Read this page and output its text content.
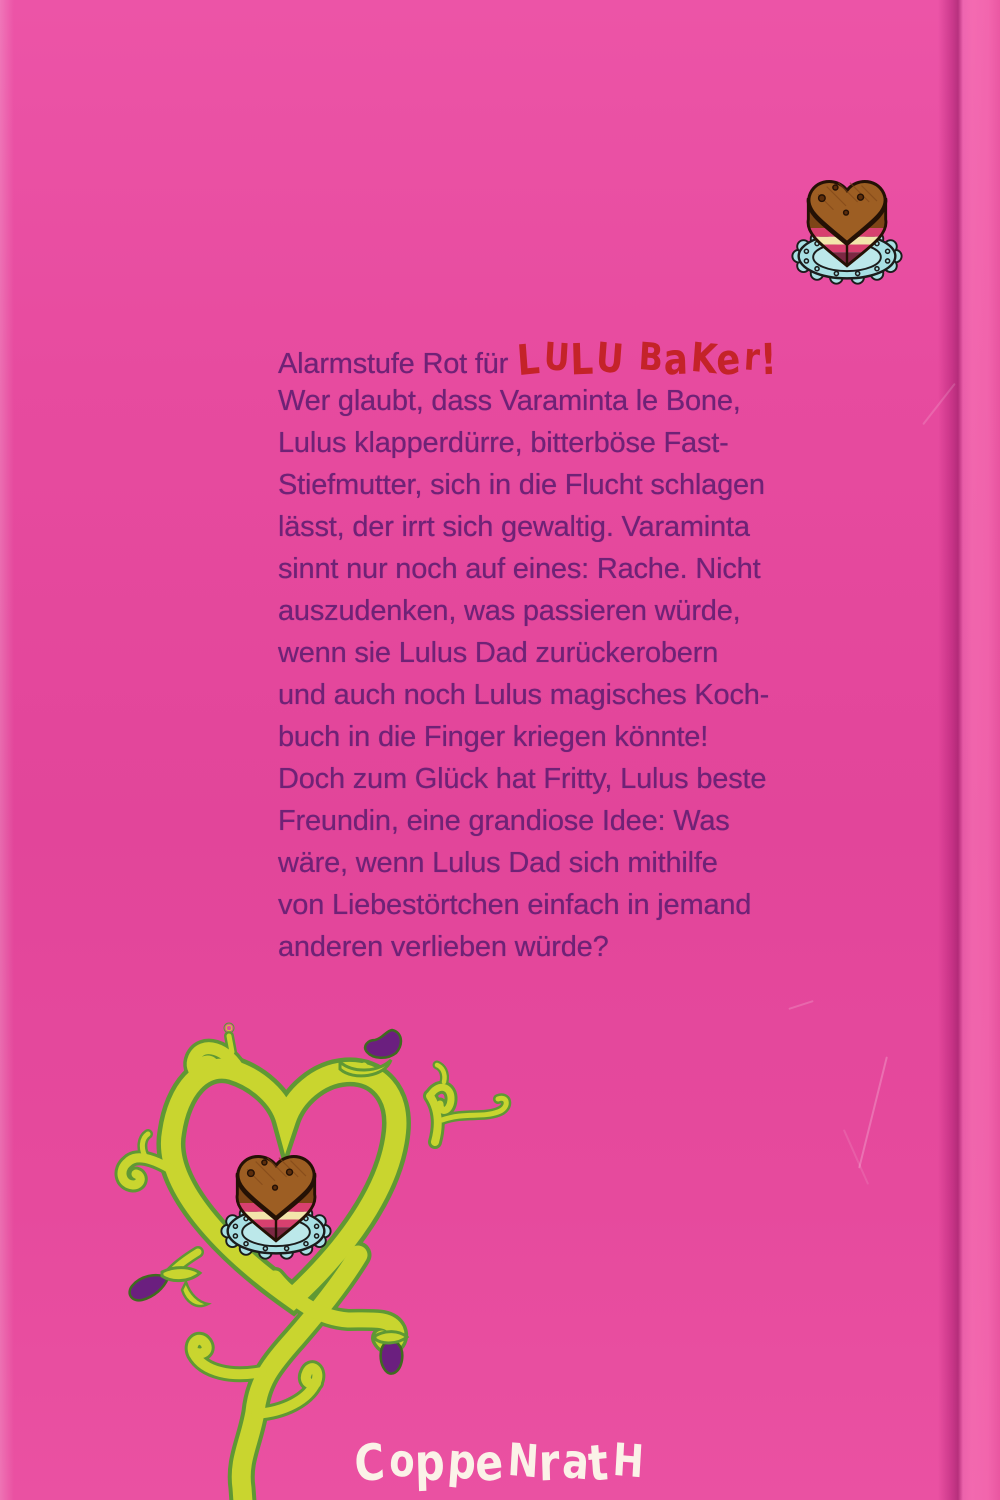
Alarmstufe Rot für LULU BaKer!
Wer glaubt, dass Varaminta le Bone,
Lulus klapperdürre, bitterböse Fast-
Stiefmutter, sich in die Flucht schlagen
lässt, der irrt sich gewaltig. Varaminta
sinnt nur noch auf eines: Rache. Nicht
auszudenken, was passieren würde,
wenn sie Lulus Dad zurückerobern
und auch noch Lulus magisches Koch-
buch in die Finger kriegen könnte!
Doch zum Glück hat Fritty, Lulus beste
Freundin, eine grandiose Idee: Was
wäre, wenn Lulus Dad sich mithilfe
von Liebestörtchen einfach in jemand
anderen verlieben würde?
CoppeNratH
